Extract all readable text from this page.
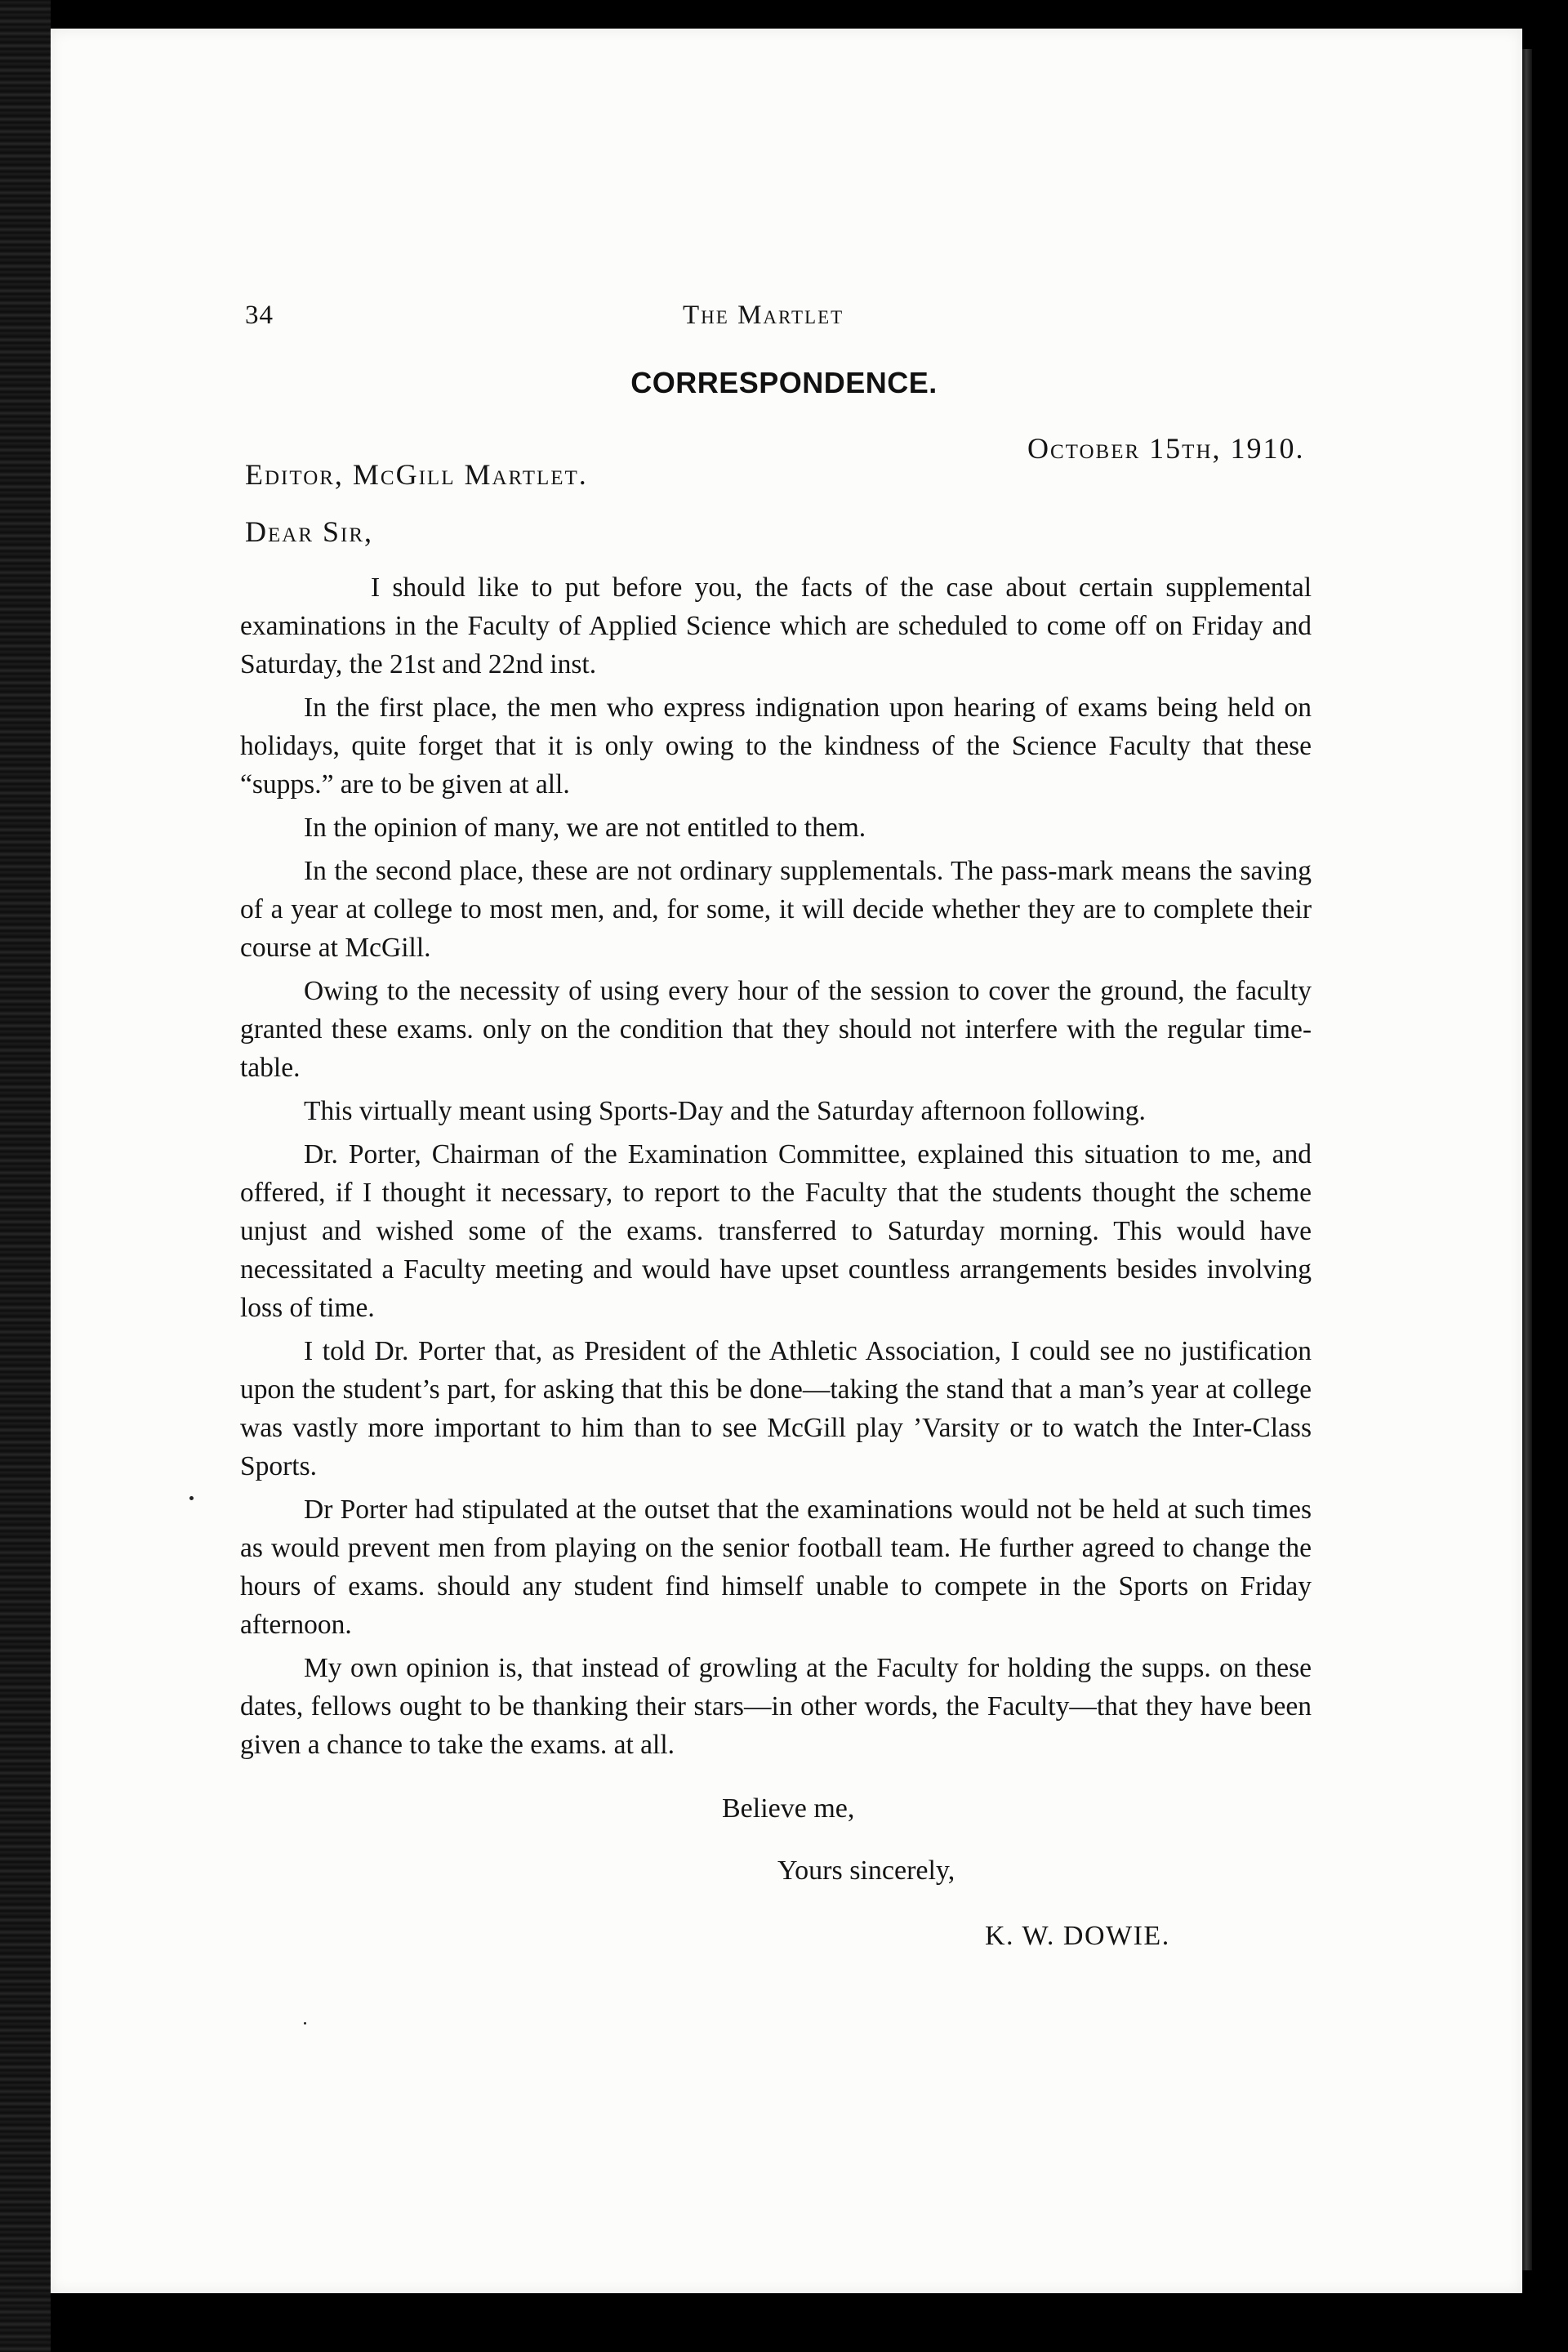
34	The Martlet
CORRESPONDENCE.
October 15th, 1910.
Editor, McGill Martlet.
Dear Sir,

I should like to put before you, the facts of the case about certain supplemental examinations in the Faculty of Applied Science which are scheduled to come off on Friday and Saturday, the 21st and 22nd inst.

In the first place, the men who express indignation upon hearing of exams being held on holidays, quite forget that it is only owing to the kindness of the Science Faculty that these “supps.” are to be given at all.

In the opinion of many, we are not entitled to them.

In the second place, these are not ordinary supplementals. The pass-mark means the saving of a year at college to most men, and, for some, it will decide whether they are to complete their course at McGill.

Owing to the necessity of using every hour of the session to cover the ground, the faculty granted these exams. only on the condition that they should not interfere with the regular time-table.

This virtually meant using Sports-Day and the Saturday afternoon following.

Dr. Porter, Chairman of the Examination Committee, explained this situation to me, and offered, if I thought it necessary, to report to the Faculty that the students thought the scheme unjust and wished some of the exams. transferred to Saturday morning. This would have necessitated a Faculty meeting and would have upset countless arrangements besides involving loss of time.

I told Dr. Porter that, as President of the Athletic Association, I could see no justification upon the student’s part, for asking that this be done—taking the stand that a man’s year at college was vastly more important to him than to see McGill play ’Varsity or to watch the Inter-Class Sports.

Dr Porter had stipulated at the outset that the examinations would not be held at such times as would prevent men from playing on the senior football team. He further agreed to change the hours of exams. should any student find himself unable to compete in the Sports on Friday afternoon.

My own opinion is, that instead of growling at the Faculty for holding the supps. on these dates, fellows ought to be thanking their stars—in other words, the Faculty—that they have been given a chance to take the exams. at all.

Believe me,
Yours sincerely,
K. W. DOWIE.
